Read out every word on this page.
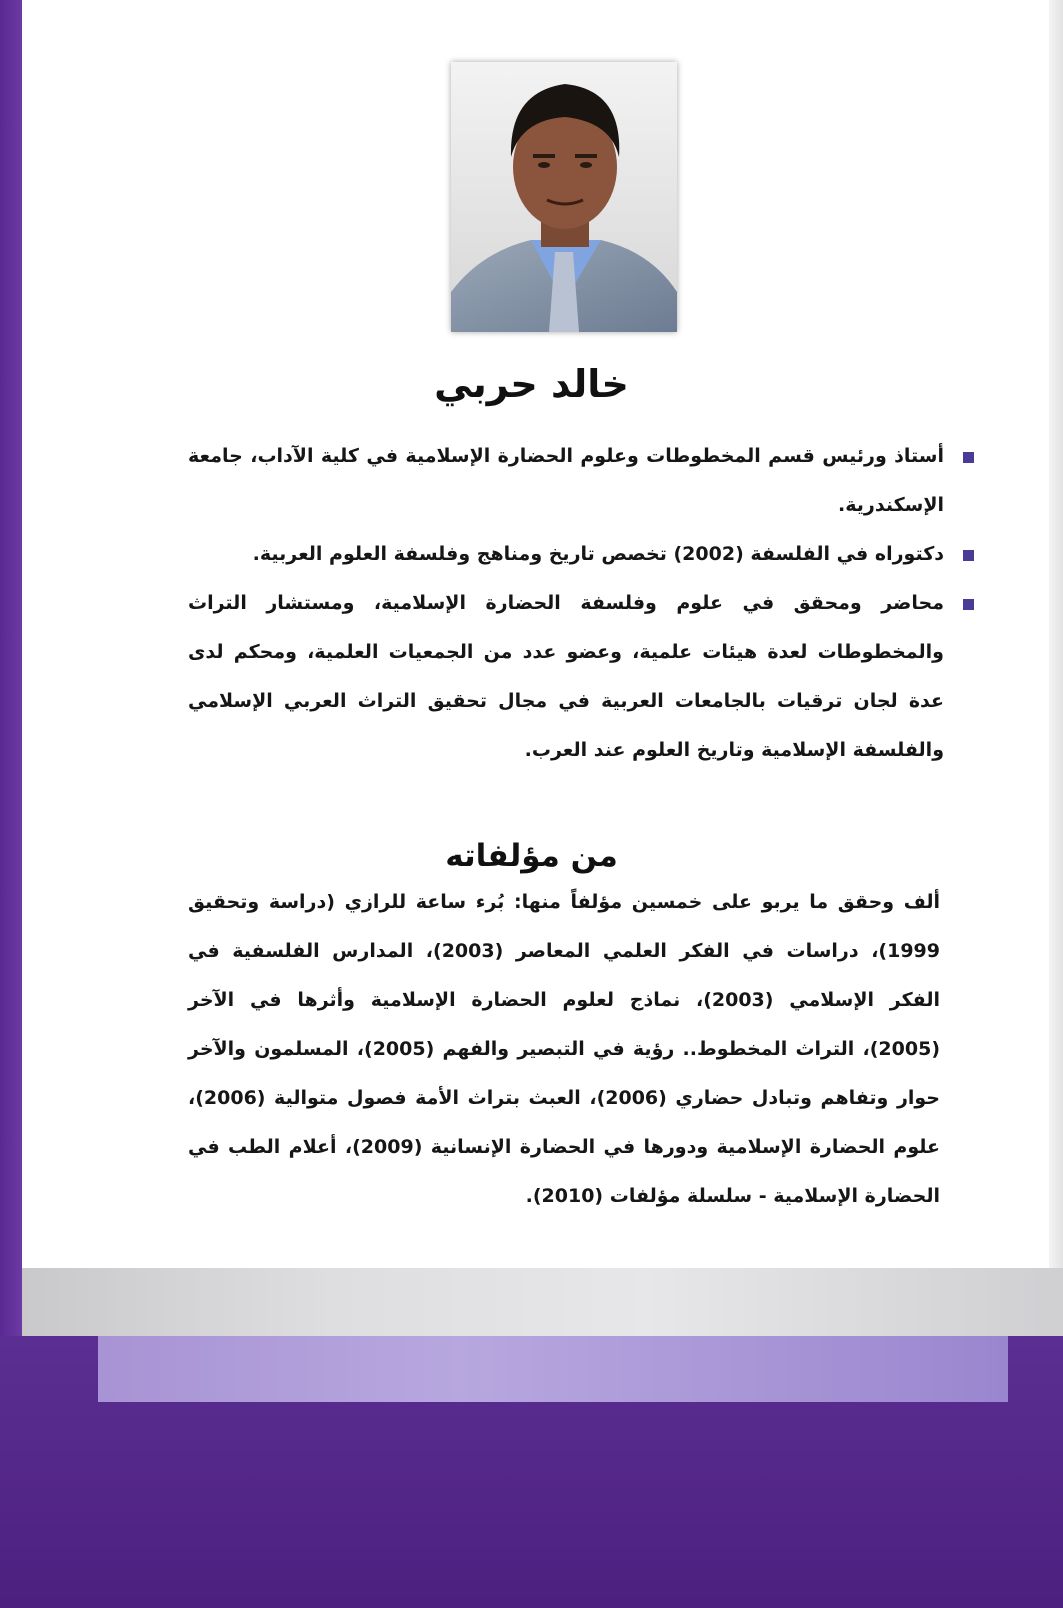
خالد حربي
أستاذ ورئيس قسم المخطوطات وعلوم الحضارة الإسلامية في كلية الآداب، جامعة الإسكندرية.
دكتوراه في الفلسفة (2002) تخصص تاريخ ومناهج وفلسفة العلوم العربية.
محاضر ومحقق في علوم وفلسفة الحضارة الإسلامية، ومستشار التراث والمخطوطات لعدة هيئات علمية، وعضو عدد من الجمعيات العلمية، ومحكم لدى عدة لجان ترقيات بالجامعات العربية في مجال تحقيق التراث العربي الإسلامي والفلسفة الإسلامية وتاريخ العلوم عند العرب.
من مؤلفاته
ألف وحقق ما يربو على خمسين مؤلفاً منها: بُرء ساعة للرازي (دراسة وتحقيق 1999)، دراسات في الفكر العلمي المعاصر (2003)، المدارس الفلسفية في الفكر الإسلامي (2003)، نماذج لعلوم الحضارة الإسلامية وأثرها في الآخر (2005)، التراث المخطوط.. رؤية في التبصير والفهم (2005)، المسلمون والآخر حوار وتفاهم وتبادل حضاري (2006)، العبث بتراث الأمة فصول متوالية (2006)، علوم الحضارة الإسلامية ودورها في الحضارة الإنسانية (2009)، أعلام الطب في الحضارة الإسلامية - سلسلة مؤلفات (2010).
